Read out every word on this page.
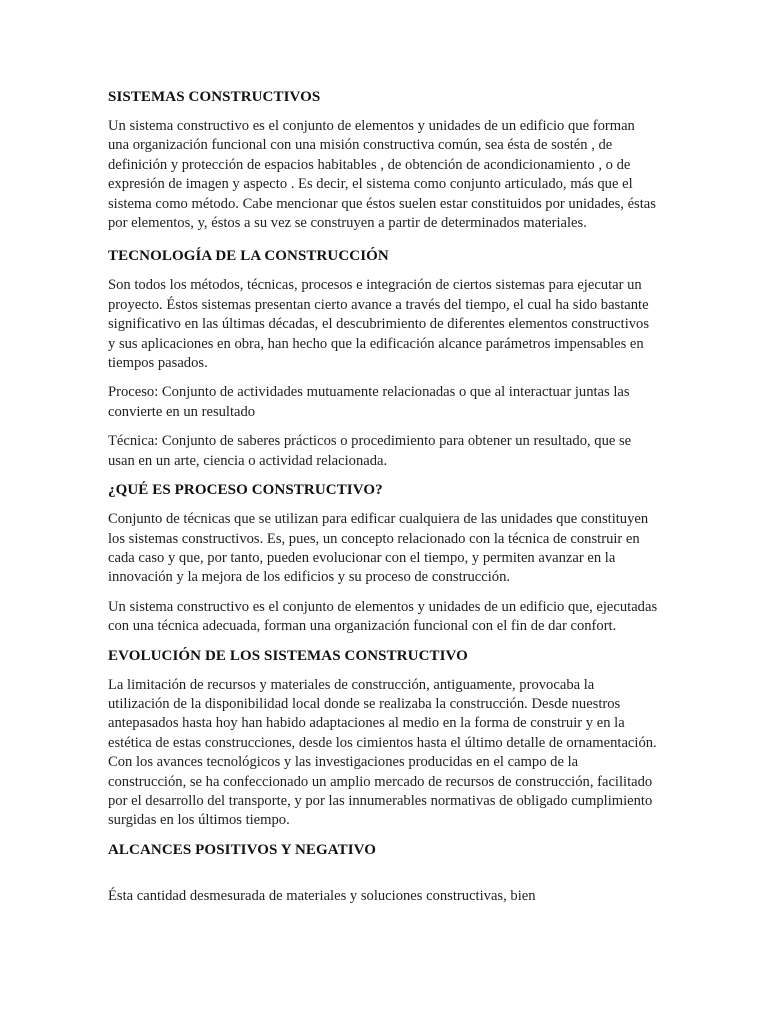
SISTEMAS CONSTRUCTIVOS

Un sistema constructivo es el conjunto de elementos y unidades de un edificio que forman una organización funcional con una misión constructiva común, sea ésta de sostén , de definición y protección de espacios habitables , de obtención de acondicionamiento , o de expresión de imagen y aspecto . Es decir, el sistema como conjunto articulado, más que el sistema como método. Cabe mencionar que éstos suelen estar constituidos por unidades, éstas por elementos, y, éstos a su vez se construyen a partir de determinados materiales.

TECNOLOGÍA DE LA CONSTRUCCIÓN

Son todos los métodos, técnicas, procesos e integración de ciertos sistemas para ejecutar un proyecto. Éstos sistemas presentan cierto avance a través del tiempo, el cual ha sido bastante significativo en las últimas décadas, el descubrimiento de diferentes elementos constructivos y sus aplicaciones en obra, han hecho que la edificación alcance parámetros impensables en tiempos pasados.

Proceso: Conjunto de actividades mutuamente relacionadas o que al interactuar juntas las convierte en un resultado

Técnica: Conjunto de saberes prácticos o procedimiento para obtener un resultado, que se usan en un arte, ciencia o actividad relacionada.

¿QUÉ ES PROCESO CONSTRUCTIVO?

Conjunto de técnicas que se utilizan para edificar cualquiera de las unidades que constituyen los sistemas constructivos. Es, pues, un concepto relacionado con la técnica de construir en cada caso y que, por tanto, pueden evolucionar con el tiempo, y permiten avanzar en la innovación y la mejora de los edificios y su proceso de construcción.

Un sistema constructivo es el conjunto de elementos y unidades de un edificio que, ejecutadas con una técnica adecuada, forman una organización funcional con el fin de dar confort.

EVOLUCIÓN DE LOS SISTEMAS CONSTRUCTIVO

La limitación de recursos y materiales de construcción, antiguamente, provocaba la utilización de la disponibilidad local donde se realizaba la construcción. Desde nuestros antepasados hasta hoy han habido adaptaciones al medio en la forma de construir y en la estética de estas construcciones, desde los cimientos hasta el último detalle de ornamentación. Con los avances tecnológicos y las investigaciones producidas en el campo de la construcción, se ha confeccionado un amplio mercado de recursos de construcción, facilitado por el desarrollo del transporte, y por las innumerables normativas de obligado cumplimiento surgidas en los últimos tiempo.

ALCANCES POSITIVOS Y NEGATIVO

Ésta cantidad desmesurada de materiales y soluciones constructivas, bien
